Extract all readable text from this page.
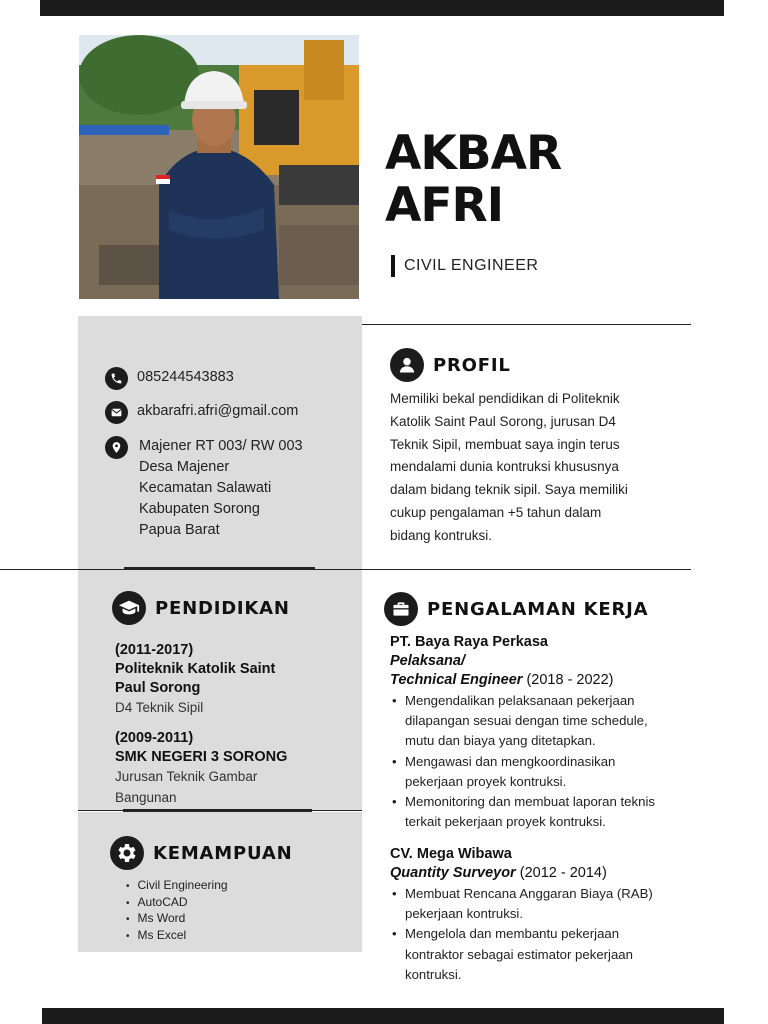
AKBAR
AFRI
CIVIL ENGINEER
085244543883
akbarafri.afri@gmail.com
Majener RT 003/ RW 003
Desa Majener
Kecamatan Salawati
Kabupaten Sorong
Papua Barat
PROFIL
Memiliki bekal pendidikan di Politeknik
Katolik Saint Paul Sorong, jurusan D4
Teknik Sipil, membuat saya ingin terus
mendalami dunia kontruksi khususnya
dalam bidang teknik sipil. Saya memiliki
cukup pengalaman +5 tahun dalam
bidang kontruksi.
PENDIDIKAN
(2011-2017)
Politeknik Katolik Saint
Paul Sorong
D4 Teknik Sipil
(2009-2011)
SMK NEGERI 3 SORONG
Jurusan Teknik Gambar
Bangunan
KEMAMPUAN
• Civil Engineering
• AutoCAD
• Ms Word
• Ms Excel
PENGALAMAN KERJA
PT. Baya Raya Perkasa
Pelaksana/
Technical Engineer (2018 - 2022)
• Mengendalikan pelaksanaan pekerjaan
dilapangan sesuai dengan time schedule,
mutu dan biaya yang ditetapkan.
• Mengawasi dan mengkoordinasikan
pekerjaan proyek kontruksi.
• Memonitoring dan membuat laporan teknis
terkait pekerjaan proyek kontruksi.
CV. Mega Wibawa
Quantity Surveyor (2012 - 2014)
• Membuat Rencana Anggaran Biaya (RAB)
pekerjaan kontruksi.
• Mengelola dan membantu pekerjaan
kontraktor sebagai estimator pekerjaan
kontruksi.
